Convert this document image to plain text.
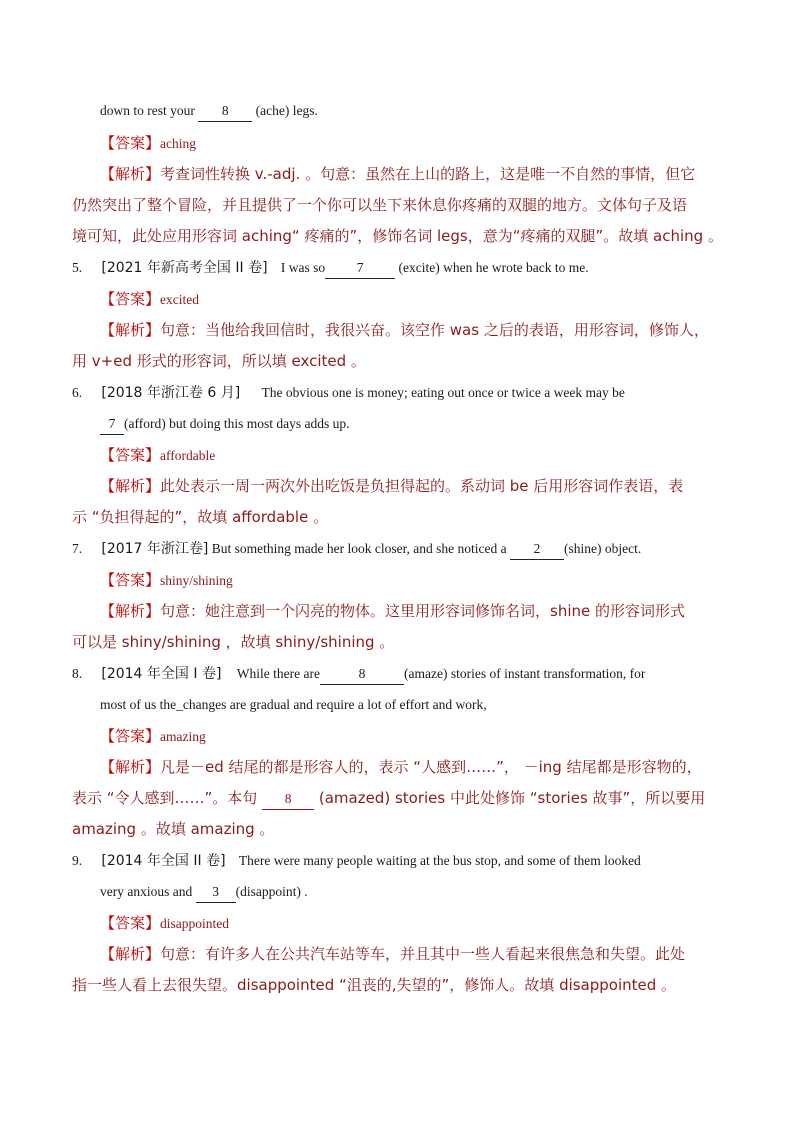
down to rest your 8 (ache) legs.
【答案】aching
【解析】考查词性转换 v.-adj. 。句意：虽然在上山的路上，这是唯一不自然的事情，但它
仍然突出了整个冒险，并且提供了一个你可以坐下来休息你疼痛的双腿的地方。文体句子及语
境可知，此处应用形容词 aching“ 疼痛的”，修饰名词 legs，意为“疼痛的双腿”。故填 aching 。
5. [2021 年新高考全国 II 卷] I was so 7 (excite) when he wrote back to me.
【答案】excited
【解析】句意：当他给我回信时，我很兴奋。该空作 was 之后的表语，用形容词，修饰人，
用 v+ed 形式的形容词，所以填 excited 。
6. [2018 年浙江卷 6 月] The obvious one is money; eating out once or twice a week may be
7 (afford) but doing this most days adds up.
【答案】affordable
【解析】此处表示一周一两次外出吃饭是负担得起的。系动词 be 后用形容词作表语，表
示 “负担得起的”，故填 affordable 。
7. [2017 年浙江卷] But something made her look closer, and she noticed a 2 (shine) object.
【答案】shiny/shining
【解析】句意：她注意到一个闪亮的物体。这里用形容词修饰名词，shine 的形容词形式
可以是 shiny/shining ，故填 shiny/shining 。
8. [2014 年全国 I 卷] While there are	8	(amaze) stories of instant transformation, for
most of us the_changes are gradual and require a lot of effort and work,
【答案】amazing
【解析】凡是－ed 结尾的都是形容人的，表示 “人感到……”， －ing 结尾都是形容物的，
表示 “令人感到……”。本句 8 (amazed) stories 中此处修饰 “stories 故事”，所以要用
amazing 。故填 amazing 。
9. [2014 年全国 II 卷] There were many people waiting at the bus stop, and some of them looked
very anxious and 3 (disappoint) .
【答案】disappointed
【解析】句意：有许多人在公共汽车站等车，并且其中一些人看起来很焦急和失望。此处
指一些人看上去很失望。disappointed “沮丧的,失望的”，修饰人。故填 disappointed 。
